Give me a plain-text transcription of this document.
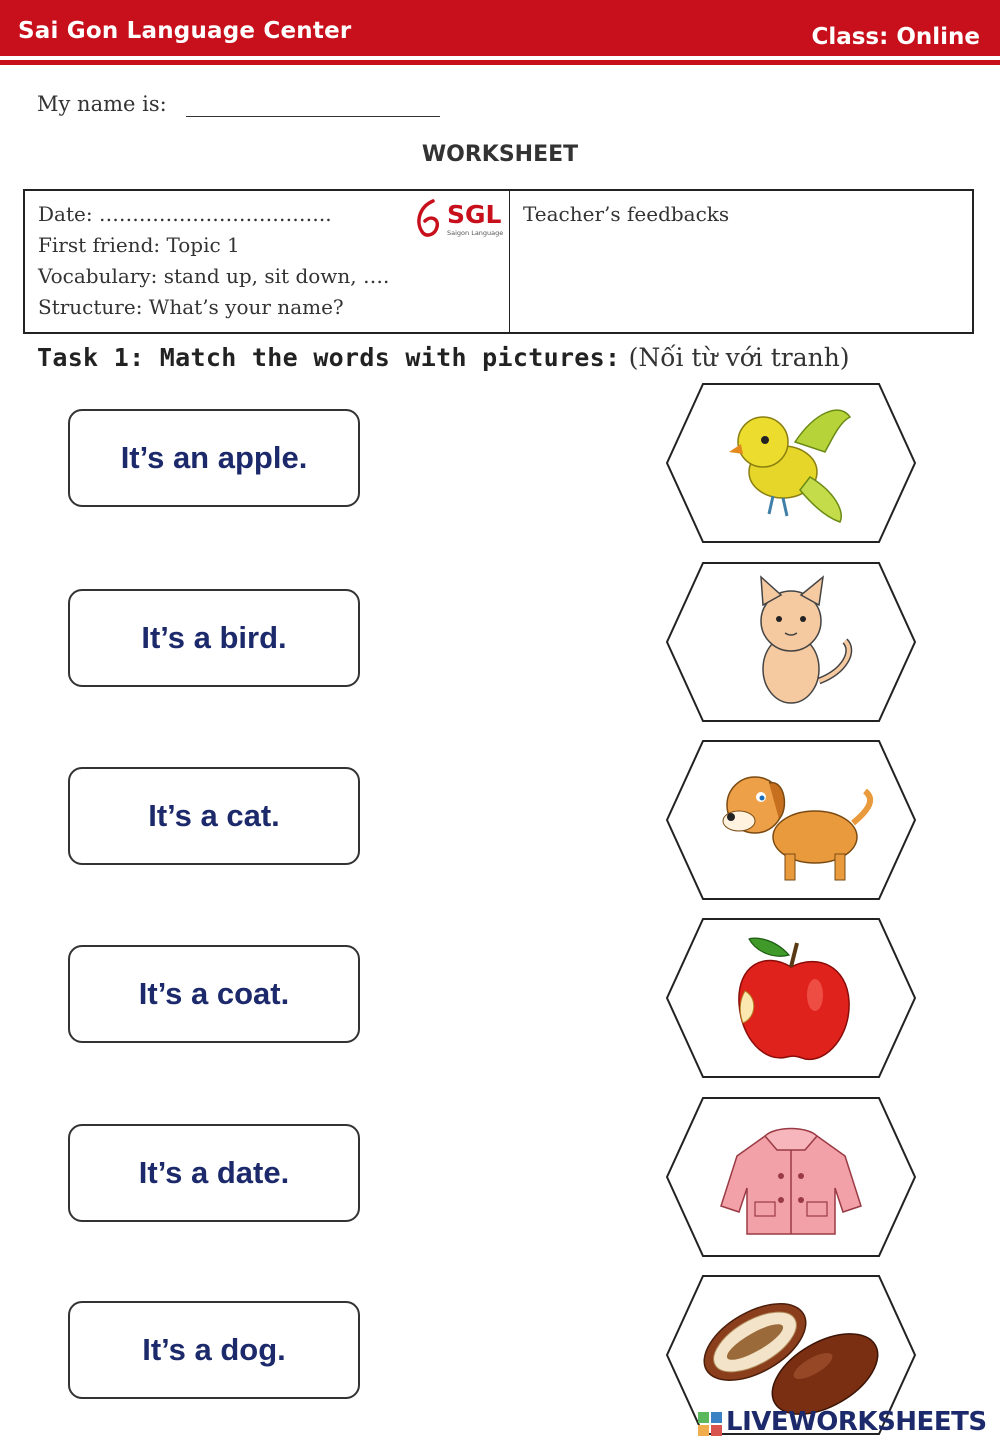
Sai Gon Language Center	Class: Online
My name is:
WORKSHEET
Date: ……………………………..
First friend: Topic 1
Vocabulary: stand up, sit down, ….
Structure: What’s your name?
SGL
Saigon Language
Teacher’s feedbacks
Task 1: Match the words with pictures: (Nối từ với tranh)
It’s an apple.
It’s a bird.
It’s a cat.
It’s a coat.
It’s a date.
It’s a dog.
LIVEWORKSHEETS
